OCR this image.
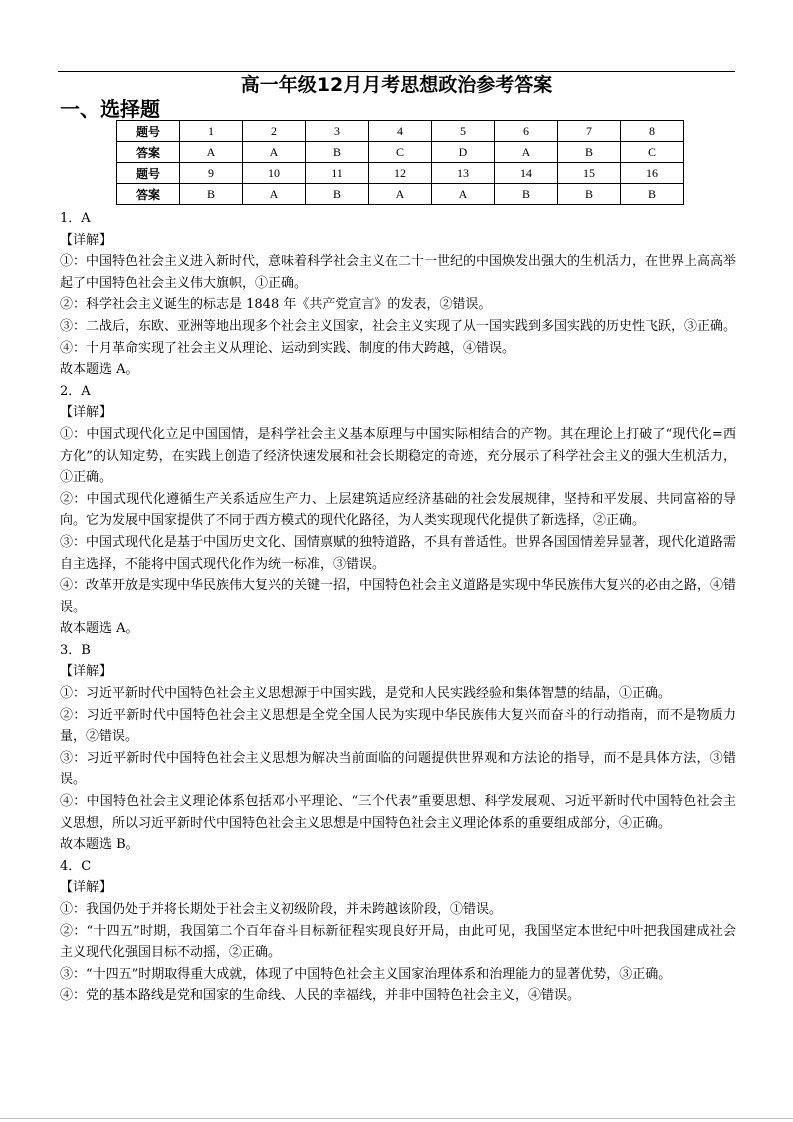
高一年级12月月考思想政治参考答案
一、选择题
题号	1	2	3	4	5	6	7	8
答案	A	A	B	C	D	A	B	C
题号	9	10	11	12	13	14	15	16
答案	B	A	B	A	A	B	B	B

1．A

【详解】

①：中国特色社会主义进入新时代，意味着科学社会主义在二十一世纪的中国焕发出强大的生机活力，在世界上高高举起了中国特色社会主义伟大旗帜，①正确。

②：科学社会主义诞生的标志是 1848 年《共产党宣言》的发表，②错误。

③：二战后，东欧、亚洲等地出现多个社会主义国家，社会主义实现了从一国实践到多国实践的历史性飞跃，③正确。

④：十月革命实现了社会主义从理论、运动到实践、制度的伟大跨越，④错误。

故本题选 A。

2．A

【详解】

①：中国式现代化立足中国国情，是科学社会主义基本原理与中国实际相结合的产物。其在理论上打破了“现代化=西方化”的认知定势，在实践上创造了经济快速发展和社会长期稳定的奇迹，充分展示了科学社会主义的强大生机活力，①正确。

②：中国式现代化遵循生产关系适应生产力、上层建筑适应经济基础的社会发展规律，坚持和平发展、共同富裕的导向。它为发展中国家提供了不同于西方模式的现代化路径，为人类实现现代化提供了新选择，②正确。

③：中国式现代化是基于中国历史文化、国情禀赋的独特道路，不具有普适性。世界各国国情差异显著，现代化道路需自主选择，不能将中国式现代化作为统一标准，③错误。

④：改革开放是实现中华民族伟大复兴的关键一招，中国特色社会主义道路是实现中华民族伟大复兴的必由之路，④错误。

故本题选 A。

3．B

【详解】

①：习近平新时代中国特色社会主义思想源于中国实践，是党和人民实践经验和集体智慧的结晶，①正确。

②：习近平新时代中国特色社会主义思想是全党全国人民为实现中华民族伟大复兴而奋斗的行动指南，而不是物质力量，②错误。

③：习近平新时代中国特色社会主义思想为解决当前面临的问题提供世界观和方法论的指导，而不是具体方法，③错误。

④：中国特色社会主义理论体系包括邓小平理论、“三个代表”重要思想、科学发展观、习近平新时代中国特色社会主义思想，所以习近平新时代中国特色社会主义思想是中国特色社会主义理论体系的重要组成部分，④正确。

故本题选 B。

4．C

【详解】

①：我国仍处于并将长期处于社会主义初级阶段，并未跨越该阶段，①错误。

②：“十四五”时期，我国第二个百年奋斗目标新征程实现良好开局，由此可见，我国坚定本世纪中叶把我国建成社会主义现代化强国目标不动摇，②正确。

③：“十四五”时期取得重大成就，体现了中国特色社会主义国家治理体系和治理能力的显著优势，③正确。

④：党的基本路线是党和国家的生命线、人民的幸福线，并非中国特色社会主义，④错误。
